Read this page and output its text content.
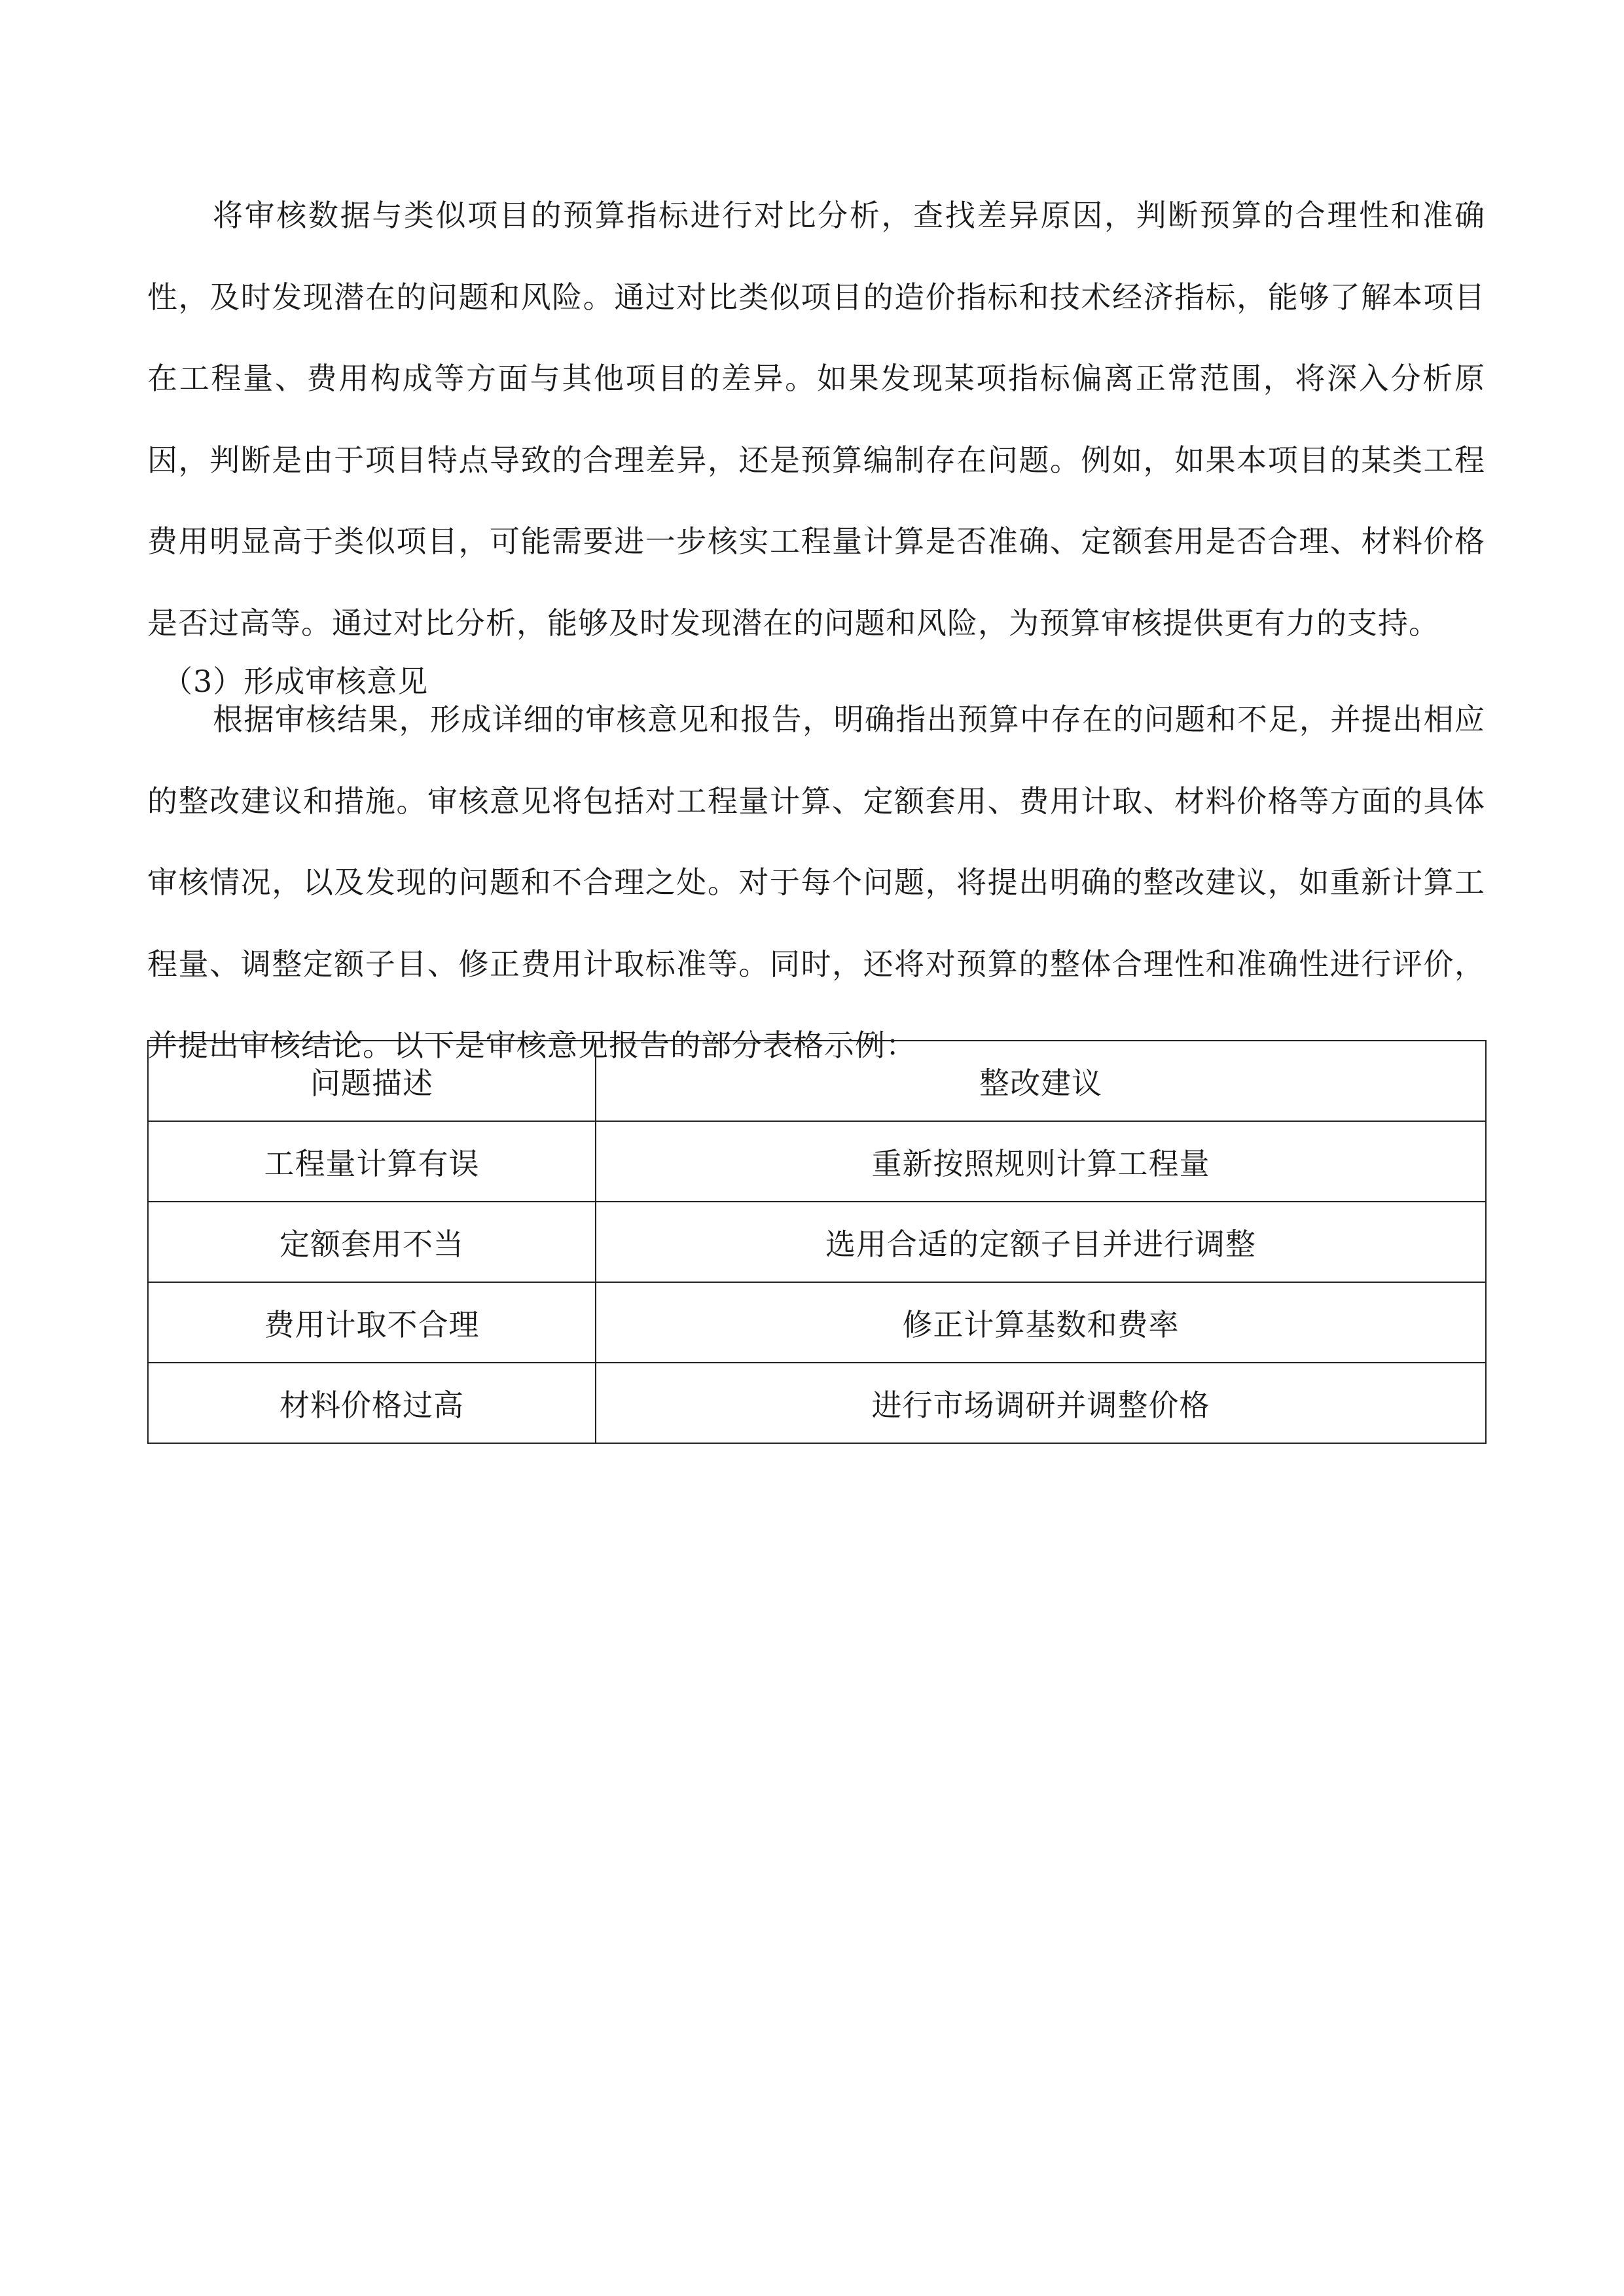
将审核数据与类似项目的预算指标进行对比分析，查找差异原因，判断预算的合理性和准确性，及时发现潜在的问题和风险。通过对比类似项目的造价指标和技术经济指标，能够了解本项目在工程量、费用构成等方面与其他项目的差异。如果发现某项指标偏离正常范围，将深入分析原因，判断是由于项目特点导致的合理差异，还是预算编制存在问题。例如，如果本项目的某类工程费用明显高于类似项目，可能需要进一步核实工程量计算是否准确、定额套用是否合理、材料价格是否过高等。通过对比分析，能够及时发现潜在的问题和风险，为预算审核提供更有力的支持。

（3）形成审核意见

根据审核结果，形成详细的审核意见和报告，明确指出预算中存在的问题和不足，并提出相应的整改建议和措施。审核意见将包括对工程量计算、定额套用、费用计取、材料价格等方面的具体审核情况，以及发现的问题和不合理之处。对于每个问题，将提出明确的整改建议，如重新计算工程量、调整定额子目、修正费用计取标准等。同时，还将对预算的整体合理性和准确性进行评价，并提出审核结论。以下是审核意见报告的部分表格示例：

问题描述	整改建议
工程量计算有误	重新按照规则计算工程量
定额套用不当	选用合适的定额子目并进行调整
费用计取不合理	修正计算基数和费率
材料价格过高	进行市场调研并调整价格
